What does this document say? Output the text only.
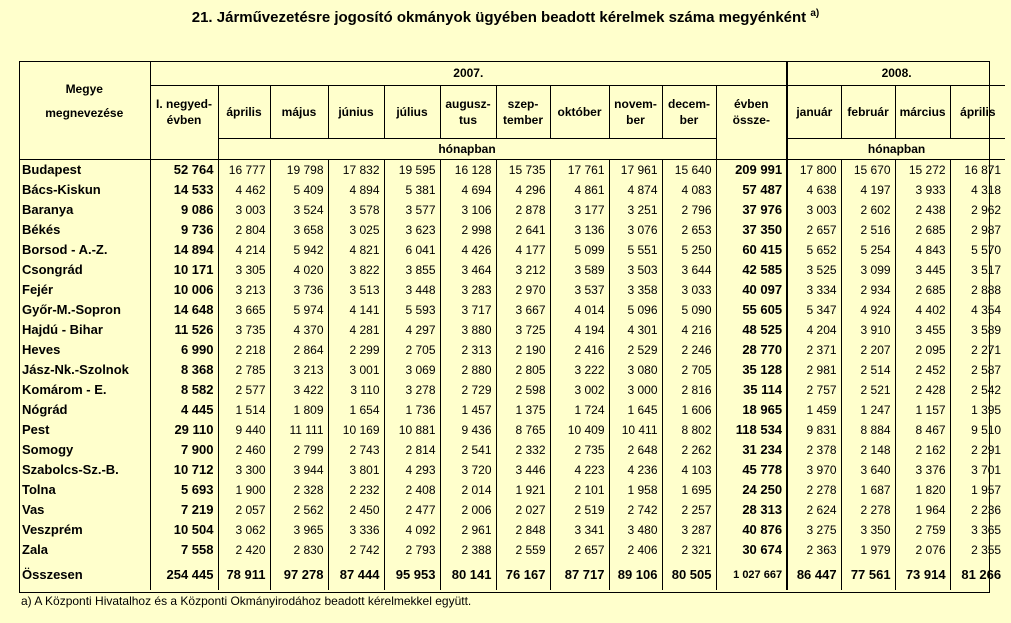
21. Járművezetésre jogosító okmányok ügyében beadott kérelmek száma megyénként $^{a)}$
Megye
megnevezése	2007.											2008.			
	I. negyed-évben	április	május	június	július	augusz-tus	szep-tember	október	novem-ber	decem-ber	évben össze-	január	február	március	április
		hónapban										hónapban			
Budapest	52 764	16 777	19 798	17 832	19 595	16 128	15 735	17 761	17 961	15 640	209 991	17 800	15 670	15 272	16 871
Bács-Kiskun	14 533	4 462	5 409	4 894	5 381	4 694	4 296	4 861	4 874	4 083	57 487	4 638	4 197	3 933	4 318
Baranya	9 086	3 003	3 524	3 578	3 577	3 106	2 878	3 177	3 251	2 796	37 976	3 003	2 602	2 438	2 962
Békés	9 736	2 804	3 658	3 025	3 623	2 998	2 641	3 136	3 076	2 653	37 350	2 657	2 516	2 685	2 987
Borsod - A.-Z.	14 894	4 214	5 942	4 821	6 041	4 426	4 177	5 099	5 551	5 250	60 415	5 652	5 254	4 843	5 570
Csongrád	10 171	3 305	4 020	3 822	3 855	3 464	3 212	3 589	3 503	3 644	42 585	3 525	3 099	3 445	3 517
Fejér	10 006	3 213	3 736	3 513	3 448	3 283	2 970	3 537	3 358	3 033	40 097	3 334	2 934	2 685	2 888
Győr-M.-Sopron	14 648	3 665	5 974	4 141	5 593	3 717	3 667	4 014	5 096	5 090	55 605	5 347	4 924	4 402	4 354
Hajdú - Bihar	11 526	3 735	4 370	4 281	4 297	3 880	3 725	4 194	4 301	4 216	48 525	4 204	3 910	3 455	3 589
Heves	6 990	2 218	2 864	2 299	2 705	2 313	2 190	2 416	2 529	2 246	28 770	2 371	2 207	2 095	2 271
Jász-Nk.-Szolnok	8 368	2 785	3 213	3 001	3 069	2 880	2 805	3 222	3 080	2 705	35 128	2 981	2 514	2 452	2 587
Komárom - E.	8 582	2 577	3 422	3 110	3 278	2 729	2 598	3 002	3 000	2 816	35 114	2 757	2 521	2 428	2 542
Nógrád	4 445	1 514	1 809	1 654	1 736	1 457	1 375	1 724	1 645	1 606	18 965	1 459	1 247	1 157	1 395
Pest	29 110	9 440	11 111	10 169	10 881	9 436	8 765	10 409	10 411	8 802	118 534	9 831	8 884	8 467	9 510
Somogy	7 900	2 460	2 799	2 743	2 814	2 541	2 332	2 735	2 648	2 262	31 234	2 378	2 148	2 162	2 291
Szabolcs-Sz.-B.	10 712	3 300	3 944	3 801	4 293	3 720	3 446	4 223	4 236	4 103	45 778	3 970	3 640	3 376	3 701
Tolna	5 693	1 900	2 328	2 232	2 408	2 014	1 921	2 101	1 958	1 695	24 250	2 278	1 687	1 820	1 957
Vas	7 219	2 057	2 562	2 450	2 477	2 006	2 027	2 519	2 742	2 257	28 313	2 624	2 278	1 964	2 236
Veszprém	10 504	3 062	3 965	3 336	4 092	2 961	2 848	3 341	3 480	3 287	40 876	3 275	3 350	2 759	3 365
Zala	7 558	2 420	2 830	2 742	2 793	2 388	2 559	2 657	2 406	2 321	30 674	2 363	1 979	2 076	2 355
Összesen	254 445	78 911	97 278	87 444	95 953	80 141	76 167	87 717	89 106	80 505	1 027 667	86 447	77 561	73 914	81 266
a) A Központi Hivatalhoz és a Központi Okmányirodához beadott kérelmekkel együtt.
